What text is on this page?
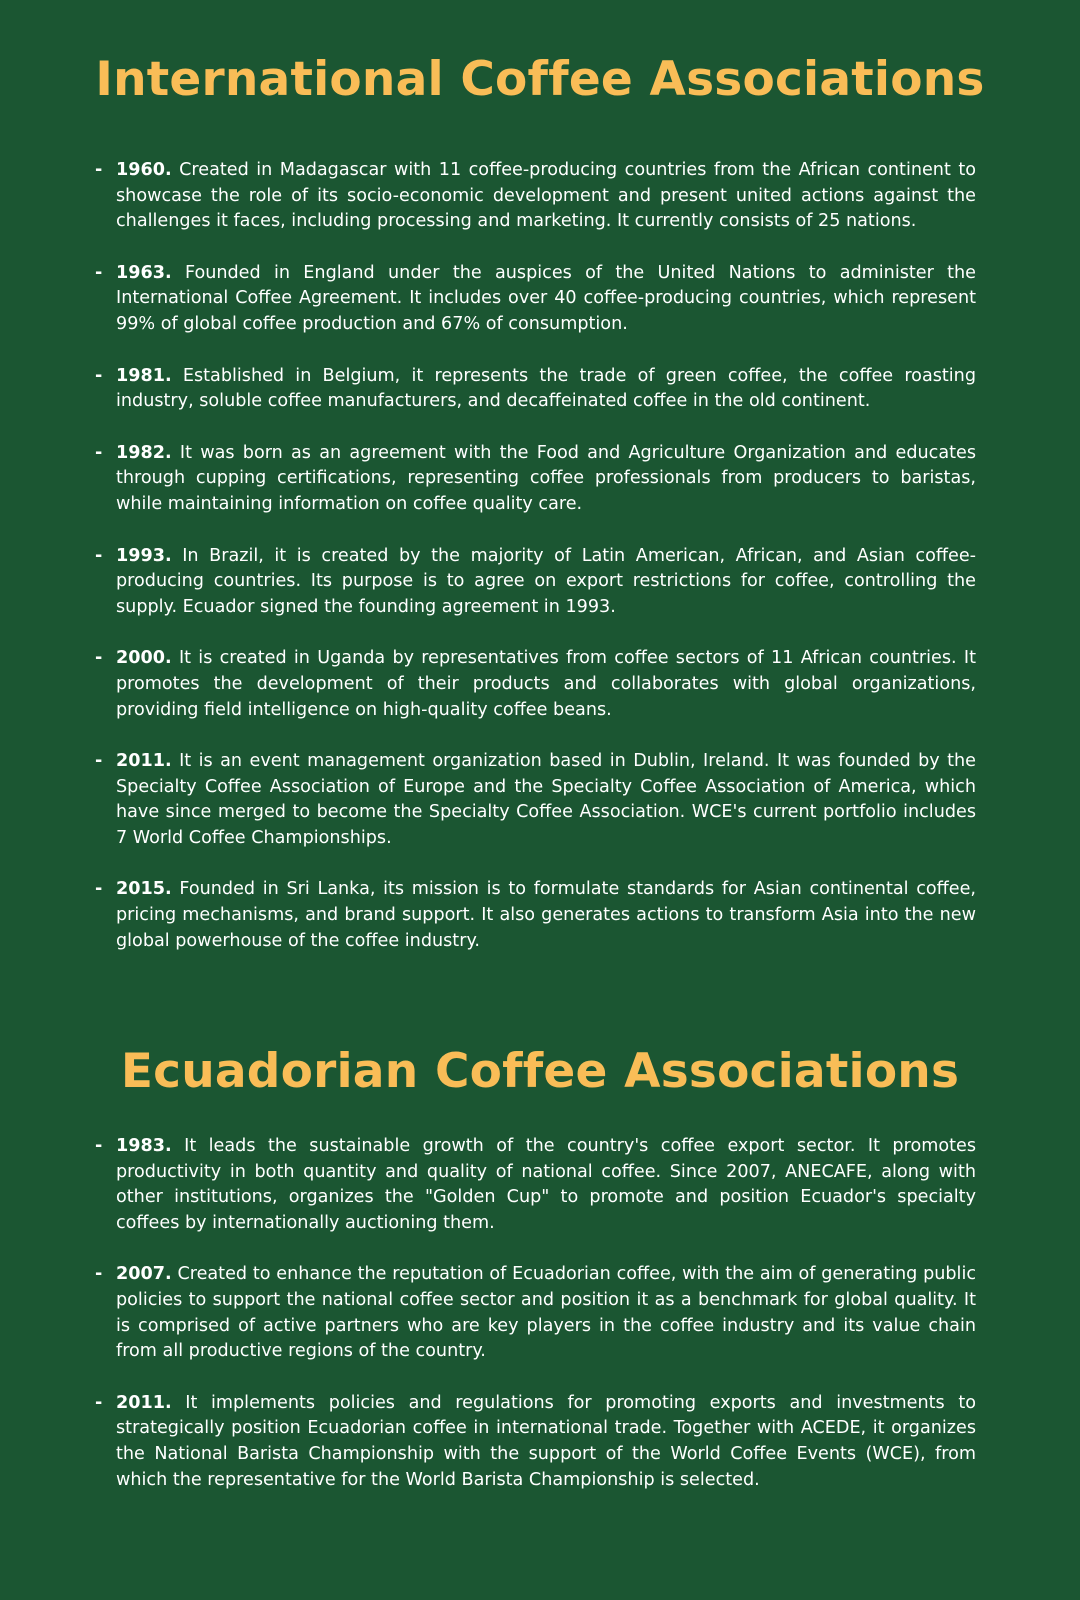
International Coffee Associations
- 1960. Created in Madagascar with 11 coffee-producing countries from the African continent to showcase the role of its socio-economic development and present united actions against the challenges it faces, including processing and marketing. It currently consists of 25 nations.
- 1963. Founded in England under the auspices of the United Nations to administer the International Coffee Agreement. It includes over 40 coffee-producing countries, which represent 99% of global coffee production and 67% of consumption.
- 1981. Established in Belgium, it represents the trade of green coffee, the coffee roasting industry, soluble coffee manufacturers, and decaffeinated coffee in the old continent.
- 1982. It was born as an agreement with the Food and Agriculture Organization and educates through cupping certifications, representing coffee professionals from producers to baristas, while maintaining information on coffee quality care.
- 1993. In Brazil, it is created by the majority of Latin American, African, and Asian coffee-producing countries. Its purpose is to agree on export restrictions for coffee, controlling the supply. Ecuador signed the founding agreement in 1993.
- 2000. It is created in Uganda by representatives from coffee sectors of 11 African countries. It promotes the development of their products and collaborates with global organizations, providing field intelligence on high-quality coffee beans.
- 2011. It is an event management organization based in Dublin, Ireland. It was founded by the Specialty Coffee Association of Europe and the Specialty Coffee Association of America, which have since merged to become the Specialty Coffee Association. WCE's current portfolio includes 7 World Coffee Championships.
- 2015. Founded in Sri Lanka, its mission is to formulate standards for Asian continental coffee, pricing mechanisms, and brand support. It also generates actions to transform Asia into the new global powerhouse of the coffee industry.
Ecuadorian Coffee Associations
- 1983. It leads the sustainable growth of the country's coffee export sector. It promotes productivity in both quantity and quality of national coffee. Since 2007, ANECAFE, along with other institutions, organizes the "Golden Cup" to promote and position Ecuador's specialty coffees by internationally auctioning them.
- 2007. Created to enhance the reputation of Ecuadorian coffee, with the aim of generating public policies to support the national coffee sector and position it as a benchmark for global quality. It is comprised of active partners who are key players in the coffee industry and its value chain from all productive regions of the country.
- 2011. It implements policies and regulations for promoting exports and investments to strategically position Ecuadorian coffee in international trade. Together with ACEDE, it organizes the National Barista Championship with the support of the World Coffee Events (WCE), from which the representative for the World Barista Championship is selected.
